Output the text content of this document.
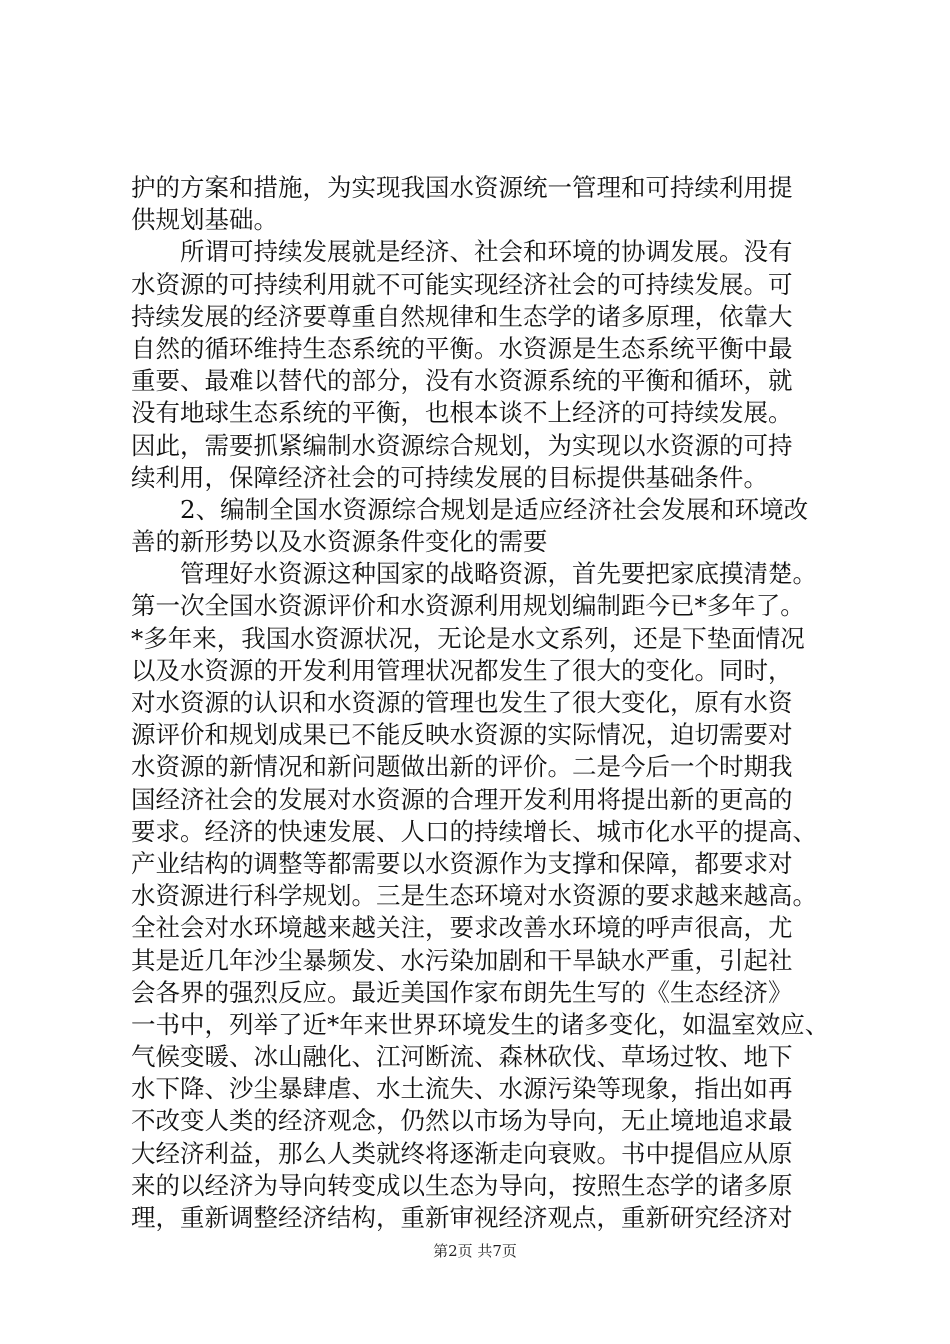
护的方案和措施，为实现我国水资源统一管理和可持续利用提
供规划基础。
　　所谓可持续发展就是经济、社会和环境的协调发展。没有
水资源的可持续利用就不可能实现经济社会的可持续发展。可
持续发展的经济要尊重自然规律和生态学的诸多原理，依靠大
自然的循环维持生态系统的平衡。水资源是生态系统平衡中最
重要、最难以替代的部分，没有水资源系统的平衡和循环，就
没有地球生态系统的平衡，也根本谈不上经济的可持续发展。
因此，需要抓紧编制水资源综合规划，为实现以水资源的可持
续利用，保障经济社会的可持续发展的目标提供基础条件。
　　2、编制全国水资源综合规划是适应经济社会发展和环境改
善的新形势以及水资源条件变化的需要
　　管理好水资源这种国家的战略资源，首先要把家底摸清楚。
第一次全国水资源评价和水资源利用规划编制距今已*多年了。
*多年来，我国水资源状况，无论是水文系列，还是下垫面情况
以及水资源的开发利用管理状况都发生了很大的变化。同时，
对水资源的认识和水资源的管理也发生了很大变化，原有水资
源评价和规划成果已不能反映水资源的实际情况，迫切需要对
水资源的新情况和新问题做出新的评价。二是今后一个时期我
国经济社会的发展对水资源的合理开发利用将提出新的更高的
要求。经济的快速发展、人口的持续增长、城市化水平的提高、
产业结构的调整等都需要以水资源作为支撑和保障，都要求对
水资源进行科学规划。三是生态环境对水资源的要求越来越高。
全社会对水环境越来越关注，要求改善水环境的呼声很高，尤
其是近几年沙尘暴频发、水污染加剧和干旱缺水严重，引起社
会各界的强烈反应。最近美国作家布朗先生写的《生态经济》
一书中，列举了近*年来世界环境发生的诸多变化，如温室效应、
气候变暖、冰山融化、江河断流、森林砍伐、草场过牧、地下
水下降、沙尘暴肆虐、水土流失、水源污染等现象，指出如再
不改变人类的经济观念，仍然以市场为导向，无止境地追求最
大经济利益，那么人类就终将逐渐走向衰败。书中提倡应从原
来的以经济为导向转变成以生态为导向，按照生态学的诸多原
理，重新调整经济结构，重新审视经济观点，重新研究经济对
第2页 共7页
